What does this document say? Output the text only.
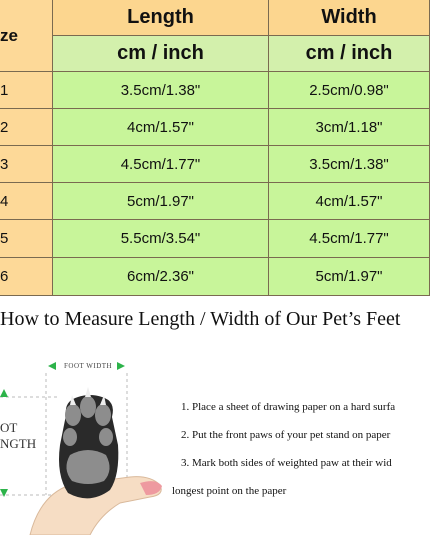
ze
Length	Width
cm / inch	cm / inch
1	3.5cm/1.38"	2.5cm/0.98"
2	4cm/1.57"	3cm/1.18"
3	4.5cm/1.77"	3.5cm/1.38"
4	5cm/1.97"	4cm/1.57"
5	5.5cm/3.54"	4.5cm/1.77"
6	6cm/2.36"	5cm/1.97"
How to Measure Length / Width of Our Pet’s Feet
FOOT WIDTH
OT
NGTH
1. Place a sheet of drawing paper on a hard surfa
2. Put the front paws of your pet stand on paper
3. Mark both sides of weighted paw at their wid
longest point on the paper
